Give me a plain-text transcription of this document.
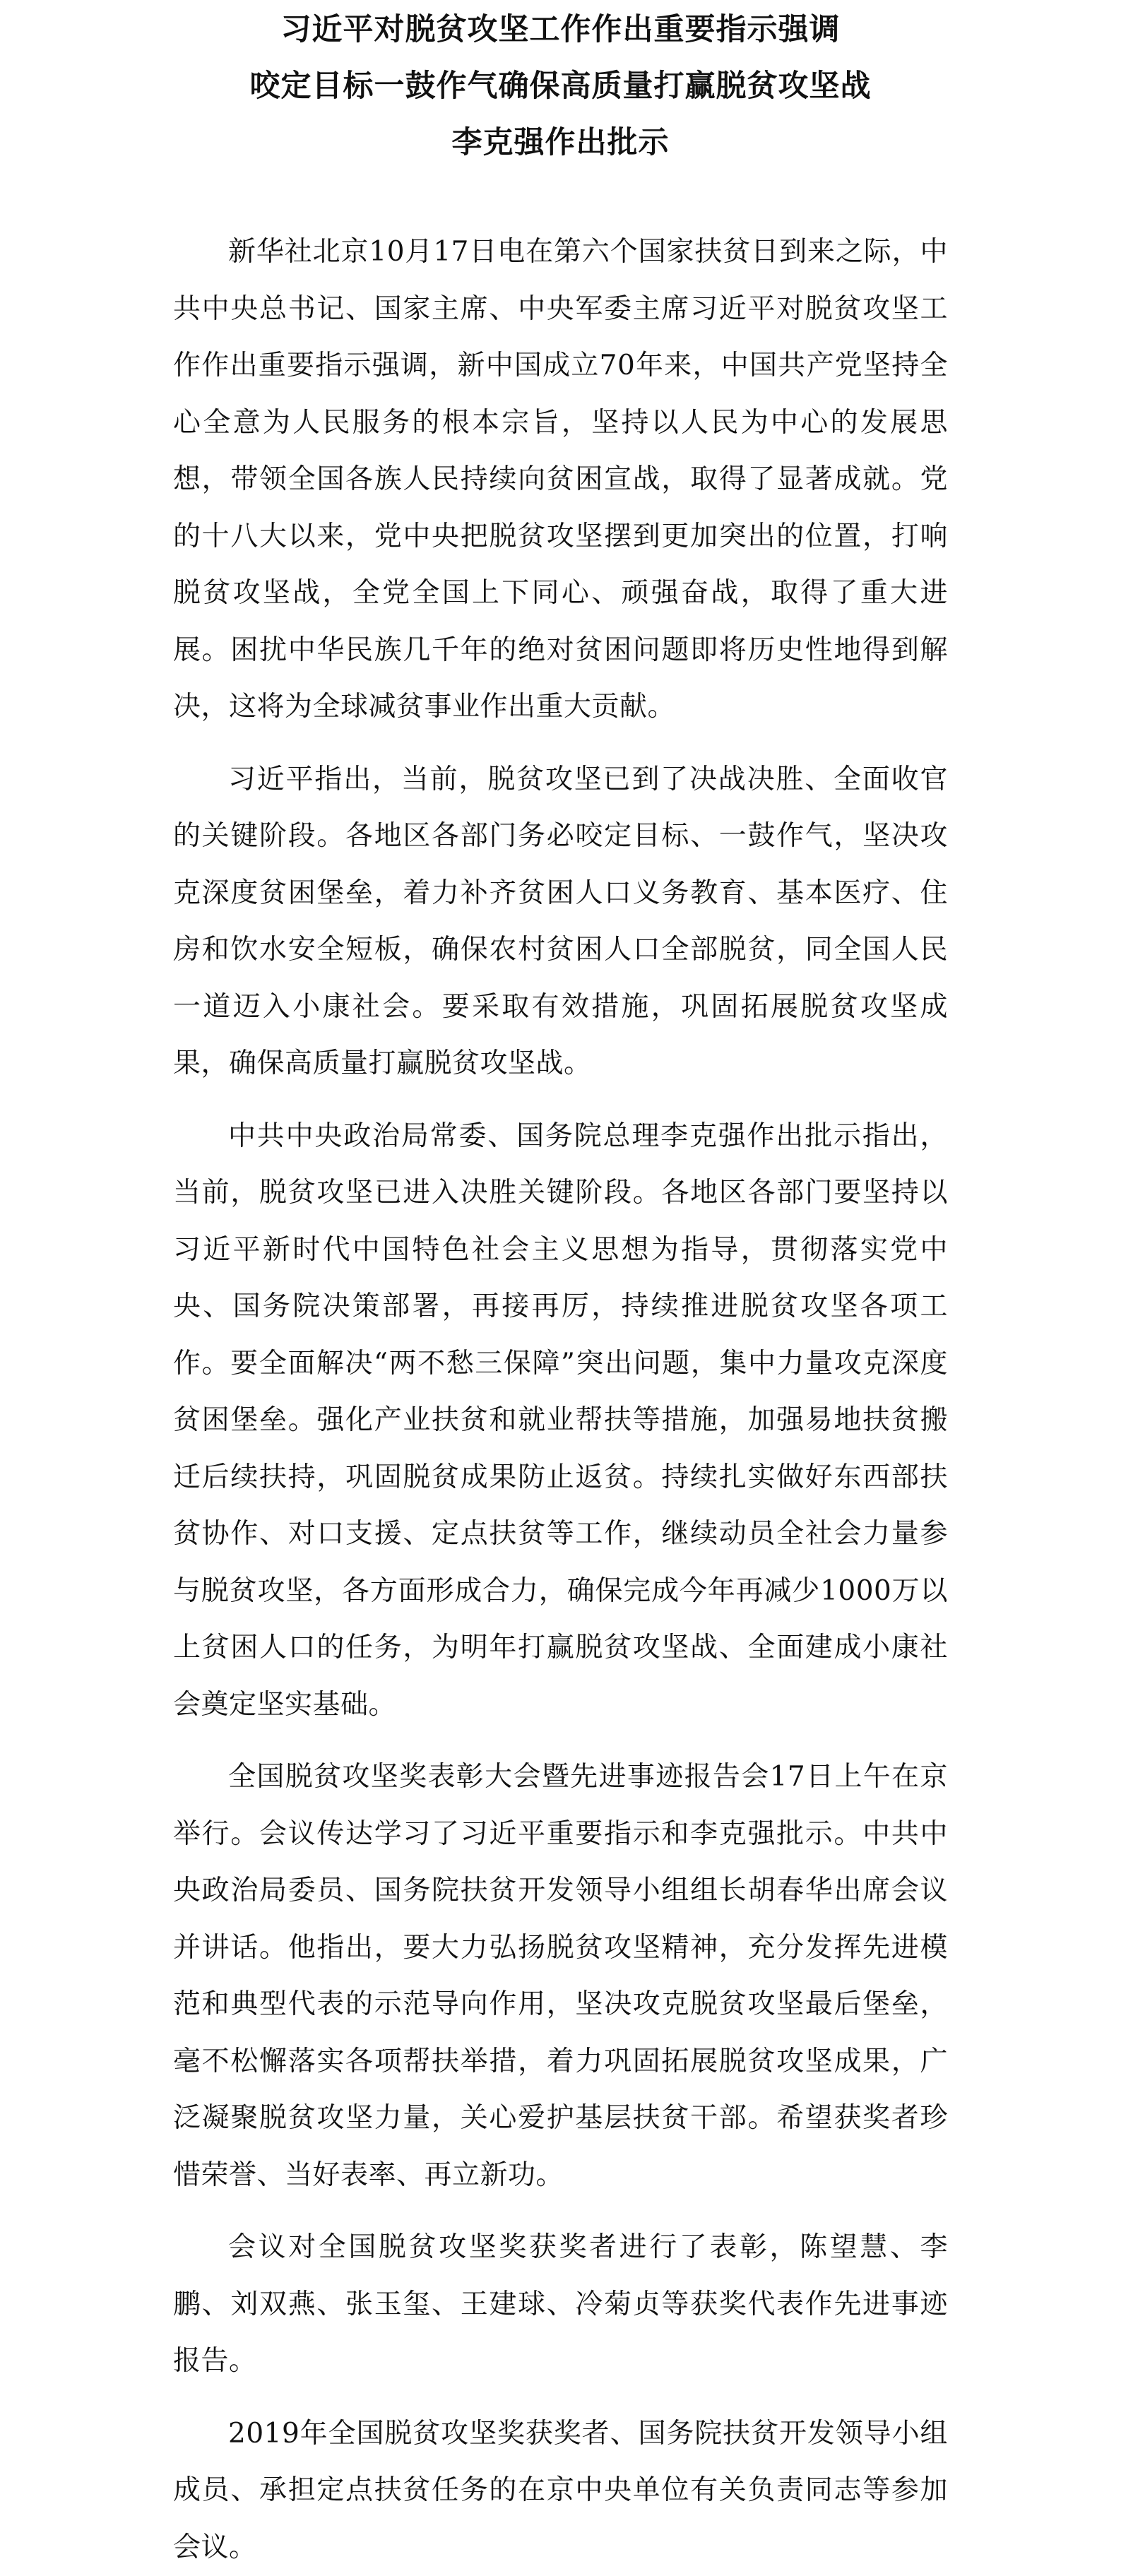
习近平对脱贫攻坚工作作出重要指示强调
咬定目标一鼓作气确保高质量打赢脱贫攻坚战
李克强作出批示

新华社北京10月17日电在第六个国家扶贫日到来之际，中共中央总书记、国家主席、中央军委主席习近平对脱贫攻坚工作作出重要指示强调，新中国成立70年来，中国共产党坚持全心全意为人民服务的根本宗旨，坚持以人民为中心的发展思想，带领全国各族人民持续向贫困宣战，取得了显著成就。党的十八大以来，党中央把脱贫攻坚摆到更加突出的位置，打响脱贫攻坚战，全党全国上下同心、顽强奋战，取得了重大进展。困扰中华民族几千年的绝对贫困问题即将历史性地得到解决，这将为全球减贫事业作出重大贡献。

习近平指出，当前，脱贫攻坚已到了决战决胜、全面收官的关键阶段。各地区各部门务必咬定目标、一鼓作气，坚决攻克深度贫困堡垒，着力补齐贫困人口义务教育、基本医疗、住房和饮水安全短板，确保农村贫困人口全部脱贫，同全国人民一道迈入小康社会。要采取有效措施，巩固拓展脱贫攻坚成果，确保高质量打赢脱贫攻坚战。

中共中央政治局常委、国务院总理李克强作出批示指出，当前，脱贫攻坚已进入决胜关键阶段。各地区各部门要坚持以习近平新时代中国特色社会主义思想为指导，贯彻落实党中央、国务院决策部署，再接再厉，持续推进脱贫攻坚各项工作。要全面解决“两不愁三保障”突出问题，集中力量攻克深度贫困堡垒。强化产业扶贫和就业帮扶等措施，加强易地扶贫搬迁后续扶持，巩固脱贫成果防止返贫。持续扎实做好东西部扶贫协作、对口支援、定点扶贫等工作，继续动员全社会力量参与脱贫攻坚，各方面形成合力，确保完成今年再减少1000万以上贫困人口的任务，为明年打赢脱贫攻坚战、全面建成小康社会奠定坚实基础。

全国脱贫攻坚奖表彰大会暨先进事迹报告会17日上午在京举行。会议传达学习了习近平重要指示和李克强批示。中共中央政治局委员、国务院扶贫开发领导小组组长胡春华出席会议并讲话。他指出，要大力弘扬脱贫攻坚精神，充分发挥先进模范和典型代表的示范导向作用，坚决攻克脱贫攻坚最后堡垒，毫不松懈落实各项帮扶举措，着力巩固拓展脱贫攻坚成果，广泛凝聚脱贫攻坚力量，关心爱护基层扶贫干部。希望获奖者珍惜荣誉、当好表率、再立新功。

会议对全国脱贫攻坚奖获奖者进行了表彰，陈望慧、李鹏、刘双燕、张玉玺、王建球、冷菊贞等获奖代表作先进事迹报告。

2019年全国脱贫攻坚奖获奖者、国务院扶贫开发领导小组成员、承担定点扶贫任务的在京中央单位有关负责同志等参加会议。
